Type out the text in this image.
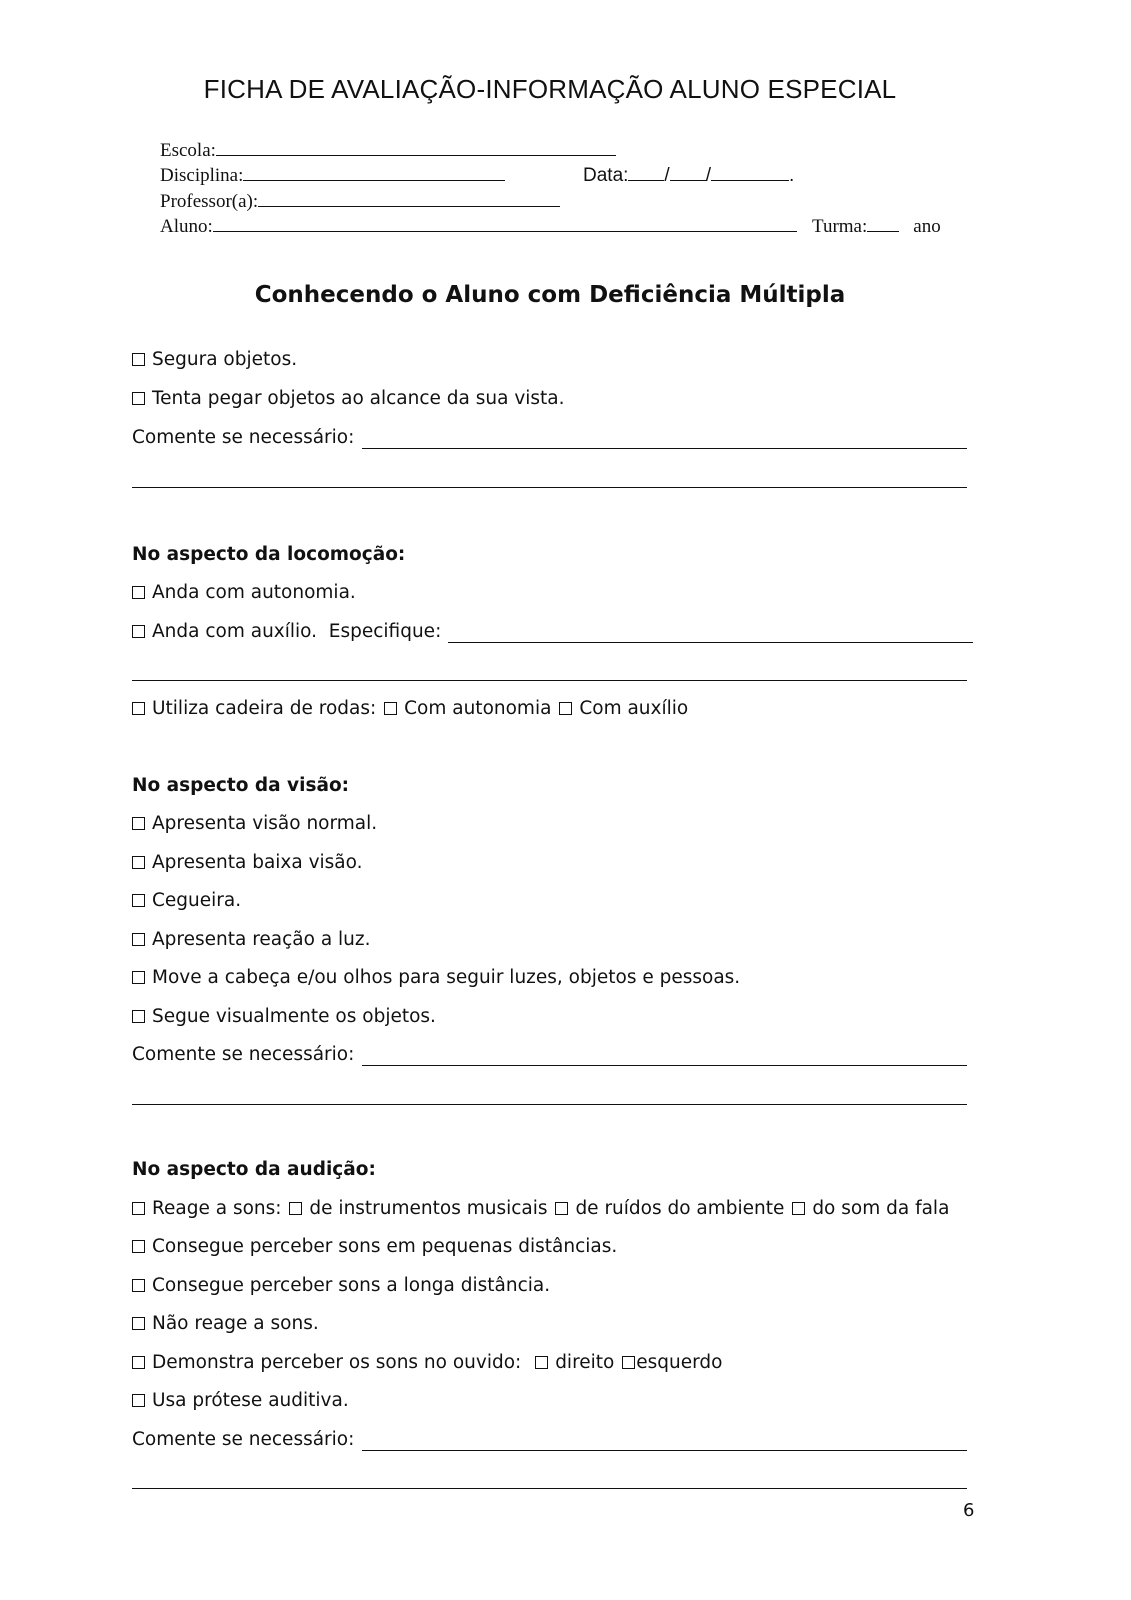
FICHA DE AVALIAÇÃO-INFORMAÇÃO ALUNO ESPECIAL
Escola:
Disciplina:	Data: / /	.
Professor(a):
Aluno:	Turma: ano
Conhecendo o Aluno com Deficiência Múltipla
Segura objetos.
Tenta pegar objetos ao alcance da sua vista.
Comente se necessário:
No aspecto da locomoção:
Anda com autonomia.
Anda com auxílio.  Especifique:
Utiliza cadeira de rodas: Com autonomia Com auxílio
No aspecto da visão:
Apresenta visão normal.
Apresenta baixa visão.
Cegueira.
Apresenta reação a luz.
Move a cabeça e/ou olhos para seguir luzes, objetos e pessoas.
Segue visualmente os objetos.
Comente se necessário:
No aspecto da audição:
Reage a sons: de instrumentos musicais de ruídos do ambiente do som da fala
Consegue perceber sons em pequenas distâncias.
Consegue perceber sons a longa distância.
Não reage a sons.
Demonstra perceber os sons no ouvido: direito esquerdo
Usa prótese auditiva.
Comente se necessário:
6
